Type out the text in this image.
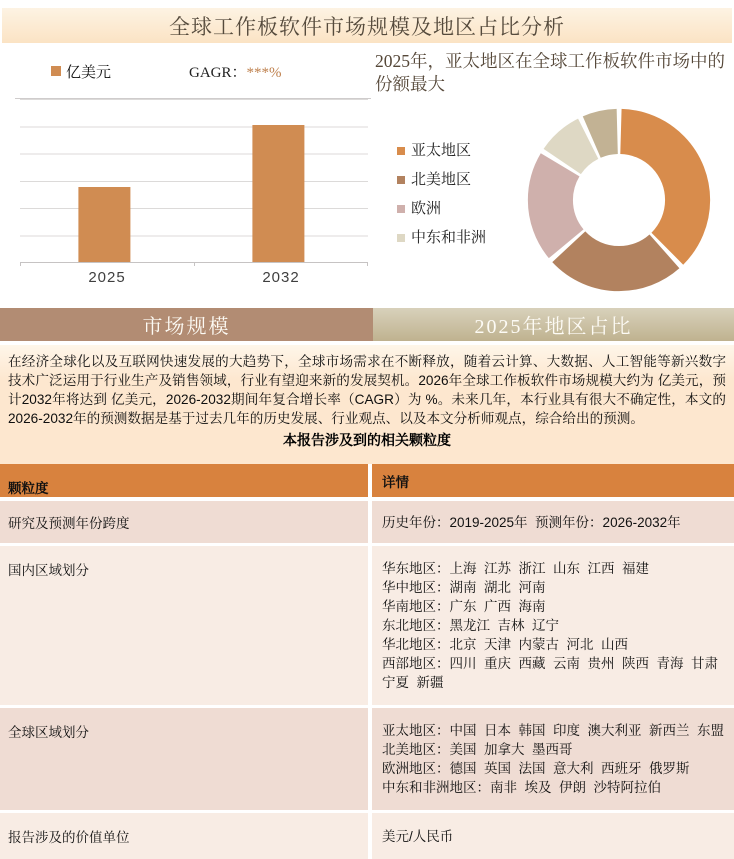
全球工作板软件市场规模及地区占比分析
亿美元	GAGR：***%
2025	2032
2025年，亚太地区在全球工作板软件市场中的份额最大
亚太地区
北美地区
欧洲
中东和非洲
市场规模	2025年地区占比
在经济全球化以及互联网快速发展的大趋势下，全球市场需求在不断释放，随着云计算、大数据、人工智能等新兴数字技术广泛运用于行业生产及销售领域，行业有望迎来新的发展契机。2026年全球工作板软件市场规模大约为 亿美元，预计2032年将达到 亿美元，2026-2032期间年复合增长率（CAGR）为 %。未来几年，本行业具有很大不确定性，本文的2026-2032年的预测数据是基于过去几年的历史发展、行业观点、以及本文分析师观点，综合给出的预测。
本报告涉及到的相关颗粒度
颗粒度	详情
研究及预测年份跨度	历史年份：2019-2025年  预测年份：2026-2032年
国内区域划分	华东地区：上海  江苏  浙江  山东  江西  福建
华中地区：湖南  湖北  河南
华南地区：广东  广西  海南
东北地区：黑龙江  吉林  辽宁
华北地区：北京  天津  内蒙古  河北  山西
西部地区：四川  重庆  西藏  云南  贵州  陕西  青海  甘肃  宁夏  新疆
全球区域划分	亚太地区：中国  日本  韩国  印度  澳大利亚  新西兰  东盟
北美地区：美国  加拿大  墨西哥
欧洲地区：德国  英国  法国  意大利  西班牙  俄罗斯
中东和非洲地区：南非  埃及  伊朗  沙特阿拉伯
报告涉及的价值单位	美元/人民币
